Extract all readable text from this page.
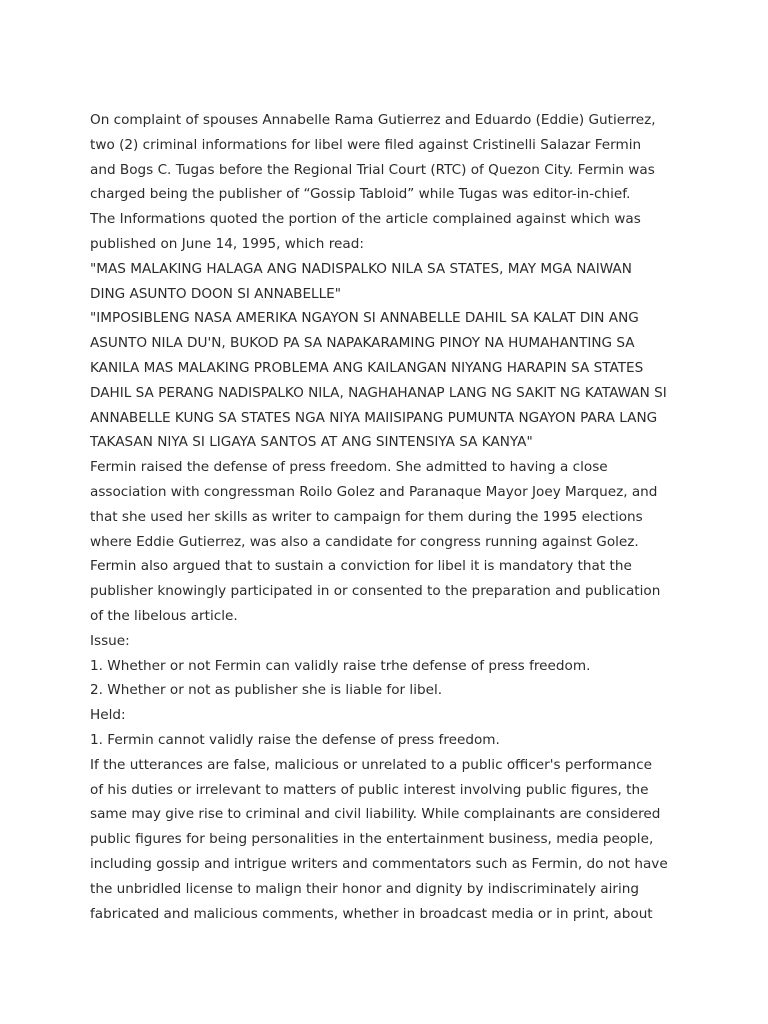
On complaint of spouses Annabelle Rama Gutierrez and Eduardo (Eddie) Gutierrez,
two (2) criminal informations for libel were filed against Cristinelli Salazar Fermin
and Bogs C. Tugas before the Regional Trial Court (RTC) of Quezon City. Fermin was
charged being the publisher of “Gossip Tabloid” while Tugas was editor-in-chief.
The Informations quoted the portion of the article complained against which was
published on June 14, 1995, which read:
"MAS MALAKING HALAGA ANG NADISPALKO NILA SA STATES, MAY MGA NAIWAN
DING ASUNTO DOON SI ANNABELLE"
"IMPOSIBLENG NASA AMERIKA NGAYON SI ANNABELLE DAHIL SA KALAT DIN ANG
ASUNTO NILA DU'N, BUKOD PA SA NAPAKARAMING PINOY NA HUMAHANTING SA
KANILA MAS MALAKING PROBLEMA ANG KAILANGAN NIYANG HARAPIN SA STATES
DAHIL SA PERANG NADISPALKO NILA, NAGHAHANAP LANG NG SAKIT NG KATAWAN SI
ANNABELLE KUNG SA STATES NGA NIYA MAIISIPANG PUMUNTA NGAYON PARA LANG
TAKASAN NIYA SI LIGAYA SANTOS AT ANG SINTENSIYA SA KANYA"
Fermin raised the defense of press freedom. She admitted to having a close
association with congressman Roilo Golez and Paranaque Mayor Joey Marquez, and
that she used her skills as writer to campaign for them during the 1995 elections
where Eddie Gutierrez, was also a candidate for congress running against Golez.
Fermin also argued that to sustain a conviction for libel it is mandatory that the
publisher knowingly participated in or consented to the preparation and publication
of the libelous article.
Issue:
1. Whether or not Fermin can validly raise trhe defense of press freedom.
2. Whether or not as publisher she is liable for libel.
Held:
1. Fermin cannot validly raise the defense of press freedom.
If the utterances are false, malicious or unrelated to a public officer's performance
of his duties or irrelevant to matters of public interest involving public figures, the
same may give rise to criminal and civil liability. While complainants are considered
public figures for being personalities in the entertainment business, media people,
including gossip and intrigue writers and commentators such as Fermin, do not have
the unbridled license to malign their honor and dignity by indiscriminately airing
fabricated and malicious comments, whether in broadcast media or in print, about
